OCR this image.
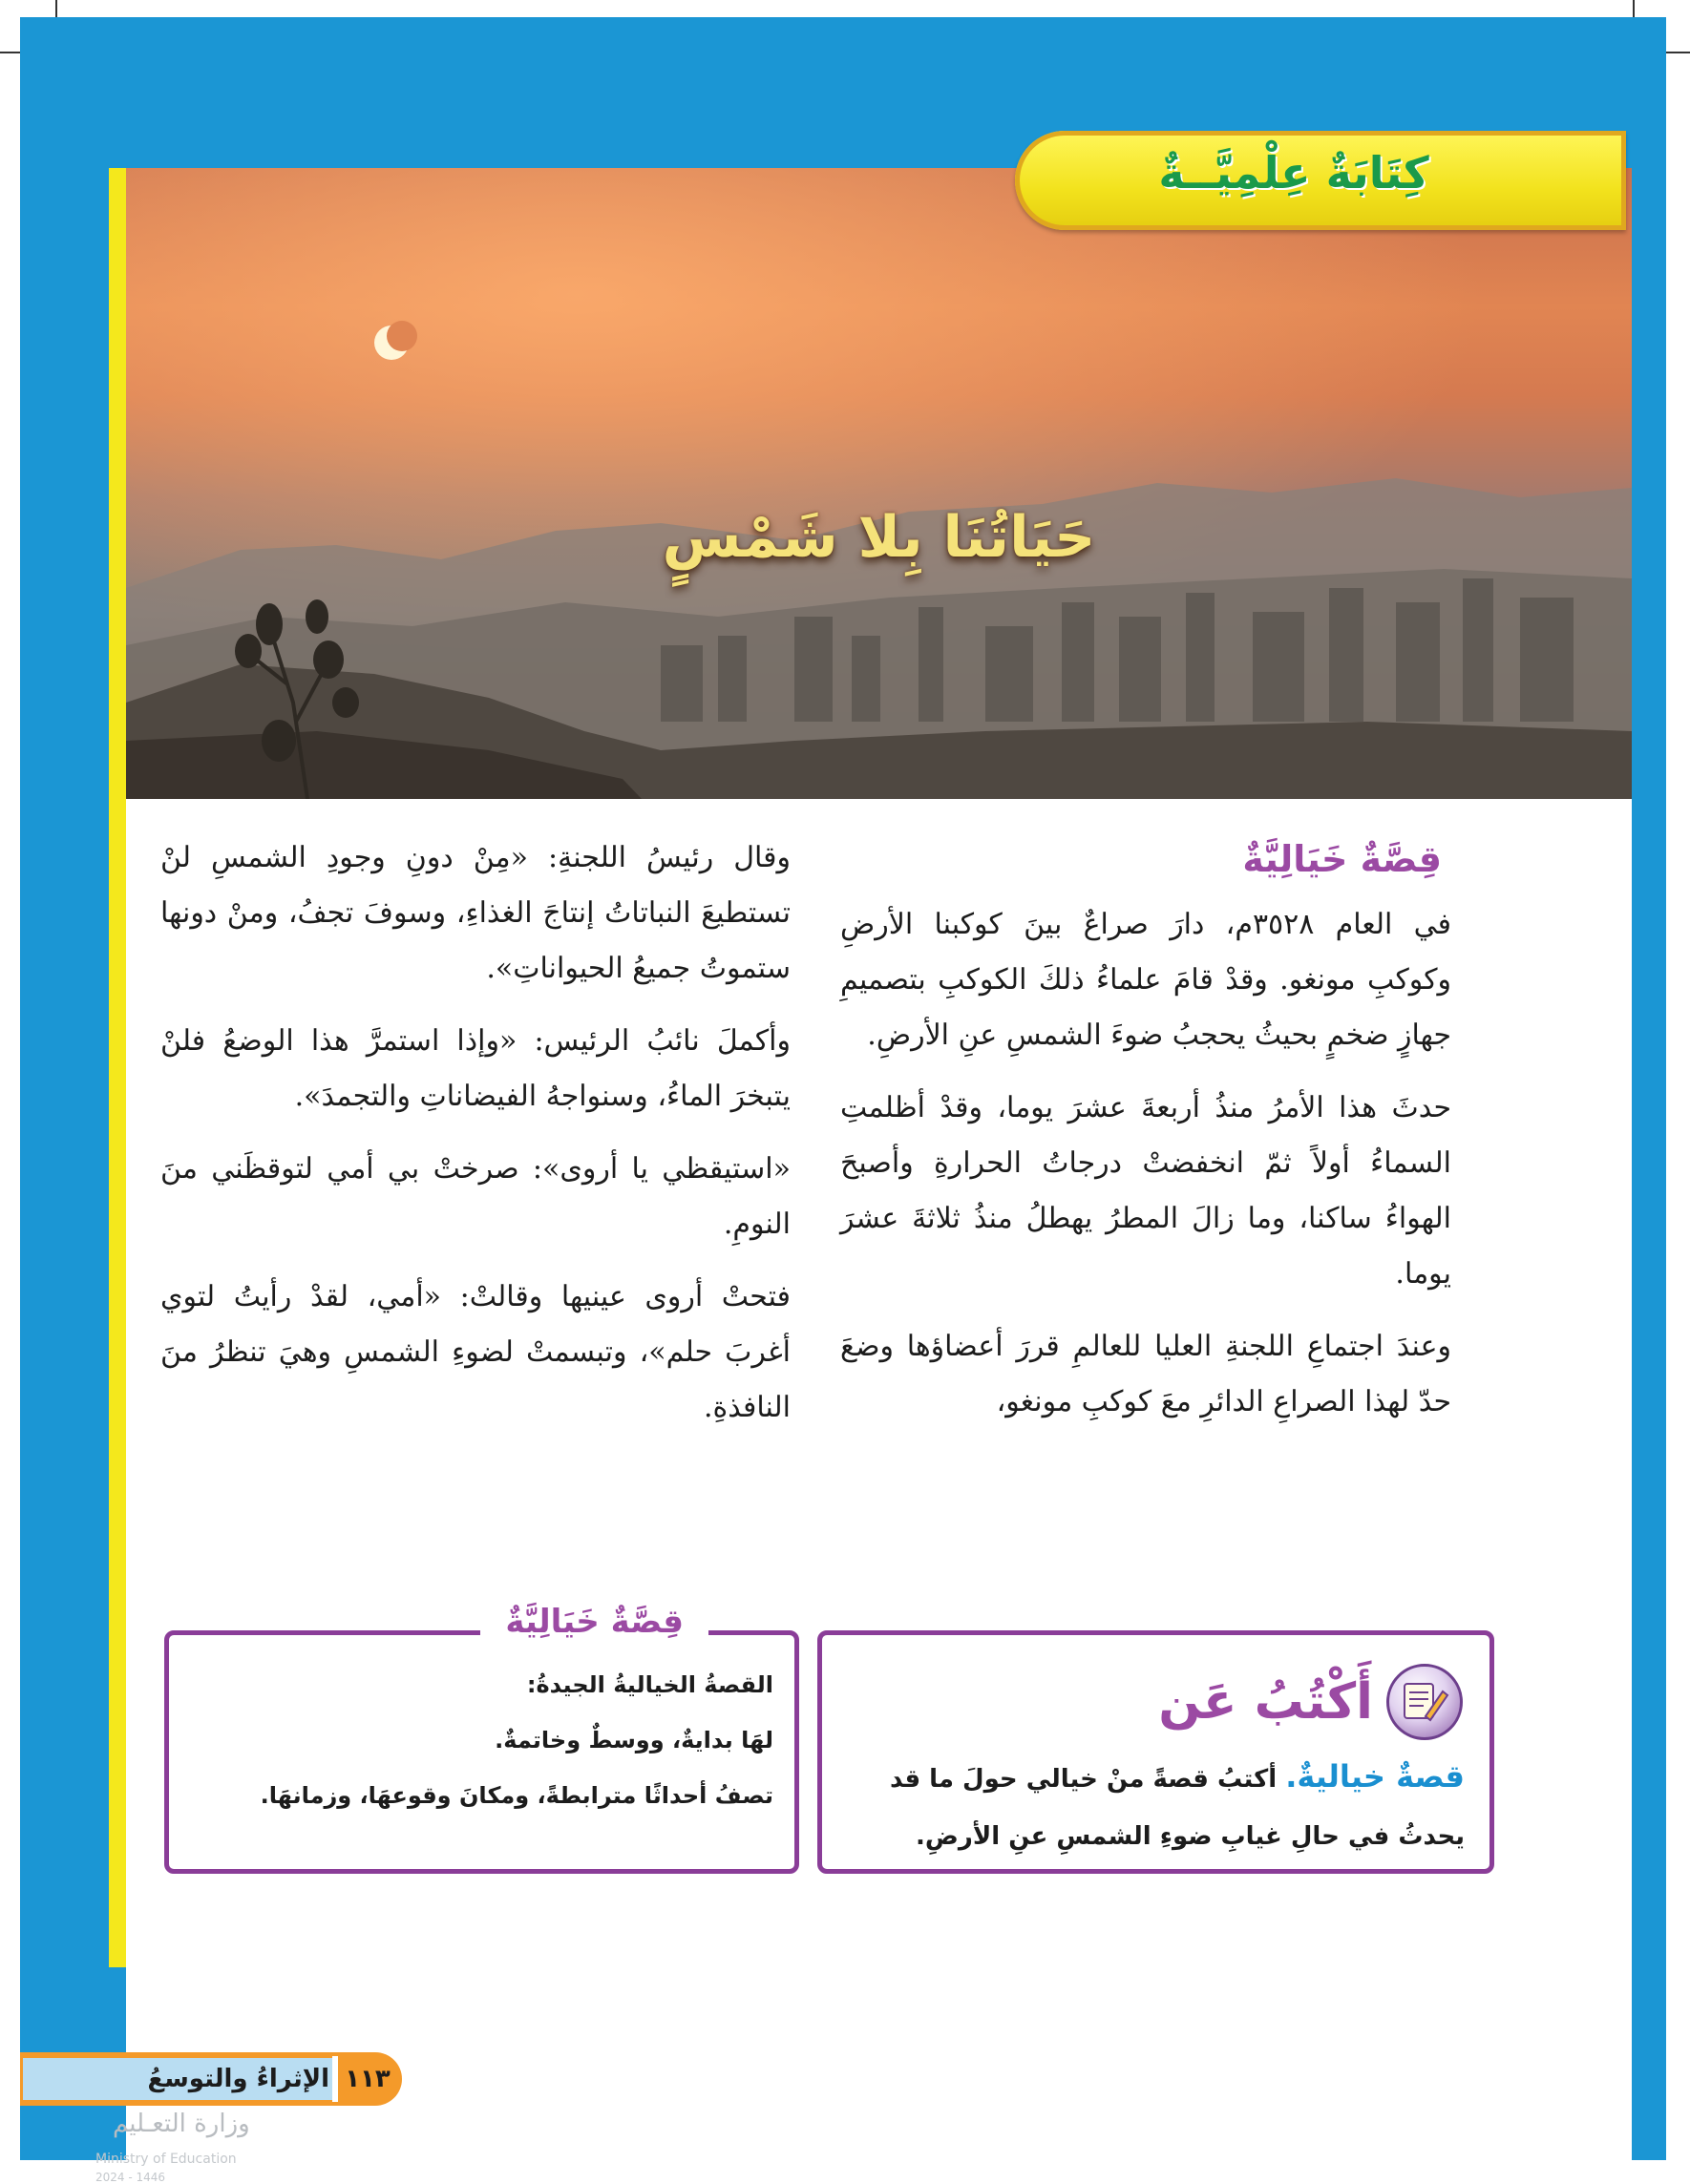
حَيَاتُنَا بِلا شَمْسٍ
كِتَابَةٌ عِلْمِيَّــةٌ
قِصَّةٌ خَيَالِيَّةٌ

في العام ٣٥٢٨م، دارَ صراعٌ بينَ كوكبنا الأرضِ وكوكبِ مونغو. وقدْ قامَ علماءُ ذلكَ الكوكبِ بتصميمِ جهازٍ ضخمٍ بحيثُ يحجبُ ضوءَ الشمسِ عنِ الأرضِ.

حدثَ هذا الأمرُ منذُ أربعةَ عشرَ يوما، وقدْ أظلمتِ السماءُ أولاً ثمّ انخفضتْ درجاتُ الحرارةِ وأصبحَ الهواءُ ساكنا، وما زالَ المطرُ يهطلُ منذُ ثلاثةَ عشرَ يوما.

وعندَ اجتماعِ اللجنةِ العليا للعالمِ قررَ أعضاؤها وضعَ حدّ لهذا الصراعِ الدائرِ معَ كوكبِ مونغو،

وقال رئيسُ اللجنةِ: «مِنْ دونِ وجودِ الشمسِ لنْ تستطيعَ النباتاتُ إنتاجَ الغذاءِ، وسوفَ تجفُ، ومنْ دونها ستموتُ جميعُ الحيواناتِ».

وأكملَ نائبُ الرئيس: «وإذا استمرَّ هذا الوضعُ فلنْ يتبخرَ الماءُ، وسنواجهُ الفيضاناتِ والتجمدَ».

«استيقظي يا أروى»: صرختْ بي أمي لتوقظَني منَ النومِ.

فتحتْ أروى عينيها وقالتْ: «أمي، لقدْ رأيتُ لتوي أغربَ حلم»، وتبسمتْ لضوءِ الشمسِ وهيَ تنظرُ منَ النافذةِ.

قِصَّةٌ خَيَالِيَّةٌ
القصةُ الخياليةُ الجيدةُ:
لهَا بدايةٌ، ووسطٌ وخاتمةٌ.
تصفُ أحداثًا مترابطةً، ومكانَ وقوعهَا، وزمانهَا.
أَكْتُبُ عَن
قصةٌ خياليةٌ. أكتبُ قصةً منْ خيالي حولَ ما قد يحدثُ في حالِ غيابِ ضوءِ الشمسِ عنِ الأرضِ.
الإثراءُ والتوسعُ ١١٣
وزارة التعـليم
Ministry of Education
2024 - 1446
